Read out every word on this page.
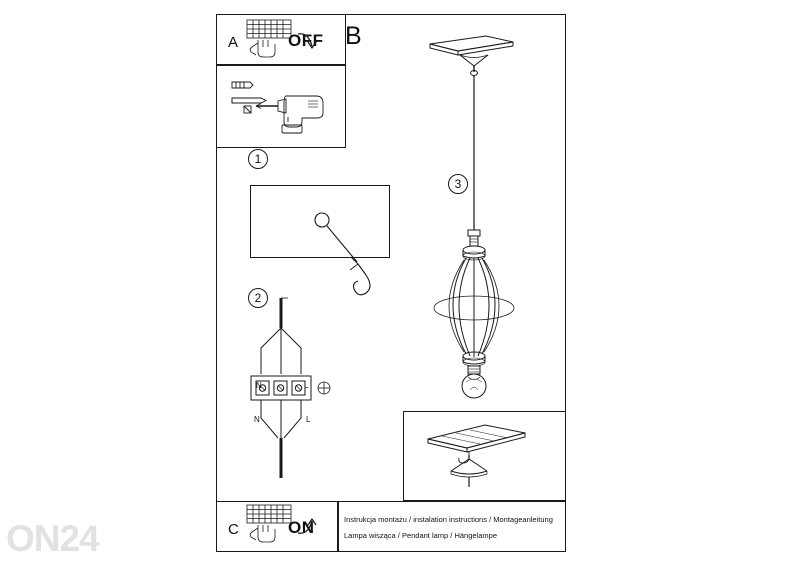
A	OFF
1
2
N	L
N	L
C	ON	Instrukcja montażu / instalation instructions / Montageanleitung
Lampa wisząca / Pendant lamp / Hängelampe
B
3
ON24
